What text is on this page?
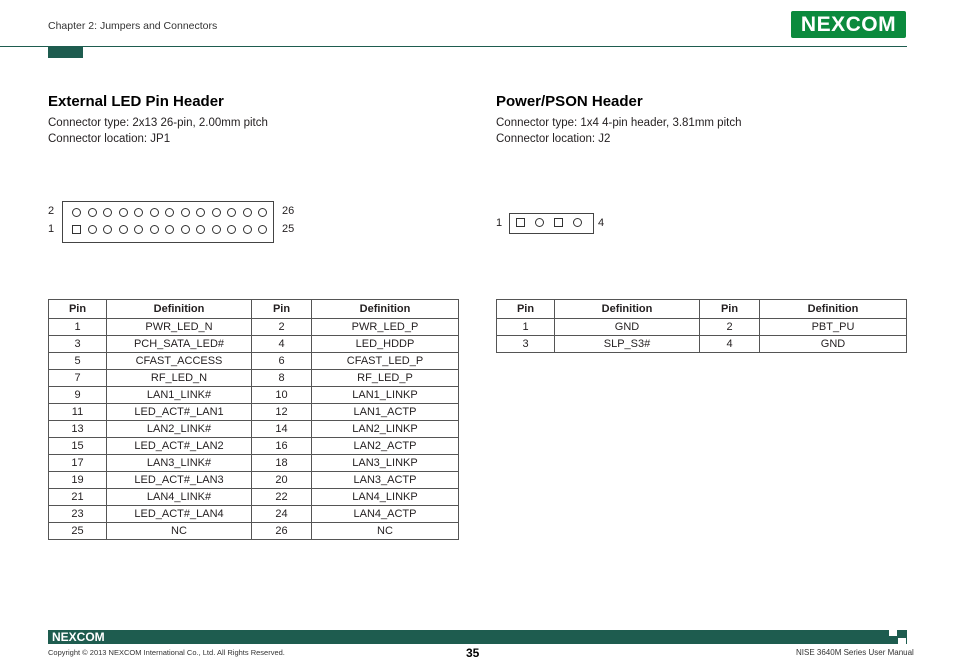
Chapter 2: Jumpers and Connectors	NEXCOM
External LED Pin Header
Connector type: 2x13 26-pin, 2.00mm pitch
Connector location: JP1
2
1
26
25
Pin	Definition	Pin	Definition
1	PWR_LED_N	2	PWR_LED_P
3	PCH_SATA_LED#	4	LED_HDDP
5	CFAST_ACCESS	6	CFAST_LED_P
7	RF_LED_N	8	RF_LED_P
9	LAN1_LINK#	10	LAN1_LINKP
11	LED_ACT#_LAN1	12	LAN1_ACTP
13	LAN2_LINK#	14	LAN2_LINKP
15	LED_ACT#_LAN2	16	LAN2_ACTP
17	LAN3_LINK#	18	LAN3_LINKP
19	LED_ACT#_LAN3	20	LAN3_ACTP
21	LAN4_LINK#	22	LAN4_LINKP
23	LED_ACT#_LAN4	24	LAN4_ACTP
25	NC	26	NC
Power/PSON Header
Connector type: 1x4 4-pin header, 3.81mm pitch
Connector location: J2
1	4
Pin	Definition	Pin	Definition
1	GND	2	PBT_PU
3	SLP_S3#	4	GND
NEXCOM
Copyright © 2013 NEXCOM International Co., Ltd. All Rights Reserved.	35	NISE 3640M Series User Manual
